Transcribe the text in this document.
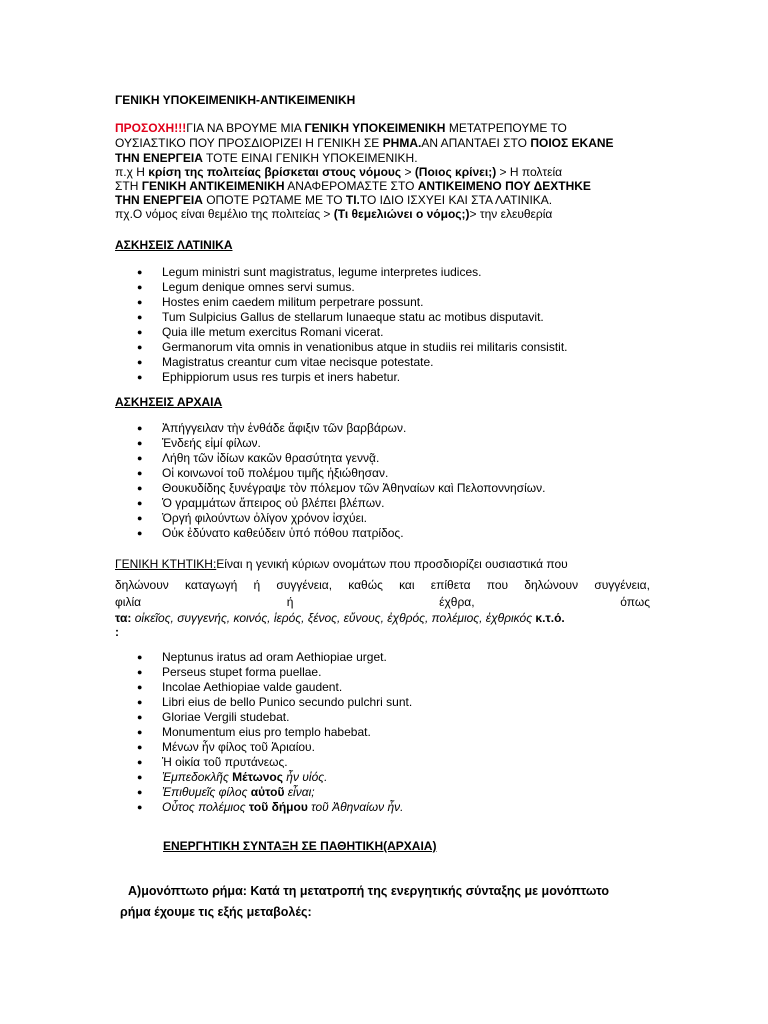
ΓΕΝΙΚΗ ΥΠΟΚΕΙΜΕΝΙΚΗ-ΑΝΤΙΚΕΙΜΕΝΙΚΗ
ΠΡΟΣΟΧΗ!!!ΓΙΑ ΝΑ ΒΡΟΥΜΕ ΜΙΑ ΓΕΝΙΚΗ ΥΠΟΚΕΙΜΕΝΙΚΗ ΜΕΤΑΤΡΕΠΟΥΜΕ ΤΟ
ΟΥΣΙΑΣΤΙΚΟ ΠΟΥ ΠΡΟΣΔΙΟΡΙΖΕΙ Η ΓΕΝΙΚΗ ΣΕ ΡΗΜΑ.ΑΝ ΑΠΑΝΤΑΕΙ ΣΤΟ ΠΟΙΟΣ ΕΚΑΝΕ
ΤΗΝ ΕΝΕΡΓΕΙΑ ΤΟΤΕ ΕΙΝΑΙ ΓΕΝΙΚΗ ΥΠΟΚΕΙΜΕΝΙΚΗ.
π.χ Η κρίση της πολιτείας βρίσκεται στους νόμους > (Ποιος κρίνει;) > Η πολτεία
ΣΤΗ ΓΕΝΙΚΗ ΑΝΤΙΚΕΙΜΕΝΙΚΗ ΑΝΑΦΕΡΟΜΑΣΤΕ ΣΤΟ ΑΝΤΙΚΕΙΜΕΝΟ ΠΟΥ ΔΕΧΤΗΚΕ
ΤΗΝ ΕΝΕΡΓΕΙΑ ΟΠΟΤΕ ΡΩΤΑΜΕ ΜΕ ΤΟ ΤΙ.ΤΟ ΙΔΙΟ ΙΣΧΥΕΙ ΚΑΙ ΣΤΑ ΛΑΤΙΝΙΚΑ.
πχ.Ο νόμος είναι θεμέλιο της πολιτείας > (Τι θεμελιώνει ο νόμος;)> την ελευθερία
ΑΣΚΗΣΕΙΣ ΛΑΤΙΝΙΚΑ
● Legum ministri sunt magistratus, legume interpretes iudices.
● Legum denique omnes servi sumus.
● Hostes enim caedem militum perpetrare possunt.
● Tum Sulpicius Gallus de stellarum lunaeque statu ac motibus disputavit.
● Quia ille metum exercitus Romani vicerat.
● Germanorum vita omnis in venationibus atque in studiis rei militaris consistit.
● Magistratus creantur cum vitae necisque potestate.
● Ephippiorum usus res turpis et iners habetur.
ΑΣΚΗΣΕΙΣ ΑΡΧΑΙΑ
● Ἀπήγγειλαν τὴν ἐνθάδε ἄφιξιν τῶν βαρβάρων.
● Ἐνδεής εἰμί φίλων.
● Λήθη τῶν ἰδίων κακῶν θρασύτητα γεννᾷ.
● Οἱ κοινωνοί τοῦ πολέμου τιμῆς ἠξιώθησαν.
● Θουκυδίδης ξυνέγραψε τὸν πόλεμον τῶν Ἀθηναίων καὶ Πελοποννησίων.
● Ὁ γραμμάτων ἄπειρος οὐ βλέπει βλέπων.
● Ὀργή φιλούντων ὀλίγον χρόνον ἰσχύει.
● Οὐκ ἐδύνατο καθεύδειν ὑπό πόθου πατρίδος.
ΓΕΝΙΚΗ ΚΤΗΤΙΚΗ:Είναι η γενική κύριων ονομάτων που προσδιορίζει ουσιαστικά που
δηλώνουν καταγωγή ή συγγένεια, καθώς και επίθετα που δηλώνουν συγγένεια,
φιλία	ή	έχθρα,	όπως
τα: οἰκεῖος, συγγενής, κοινός, ἱερός, ξένος, εὔνους, ἐχθρός, πολέμιος, ἐχθρικός κ.τ.ό.
:
● Neptunus iratus ad oram Aethiopiae urget.
● Perseus stupet forma puellae.
● Incolae Aethiopiae valde gaudent.
● Libri eius de bello Punico secundo pulchri sunt.
● Gloriae Vergili studebat.
● Monumentum eius pro templo habebat.
● Μένων ἦν φίλος τοῦ Ἀριαίου.
● Ἡ οἰκία τοῦ πρυτάνεως.
● Ἐμπεδοκλῆς Μέτωνος ἦν υἱός.
● Ἐπιθυμεῖς φίλος αὐτοῦ εἶναι;
● Οὗτος πολέμιος τοῦ δήμου τοῦ Ἀθηναίων ἦν.
ΕΝΕΡΓΗΤΙΚΗ ΣΥΝΤΑΞΗ ΣΕ ΠΑΘΗΤΙΚΗ(ΑΡΧΑΙΑ)
Α)μονόπτωτο ρήμα: Κατά τη μετατροπή της ενεργητικής σύνταξης με μονόπτωτο
ρήμα έχουμε τις εξής μεταβολές:
